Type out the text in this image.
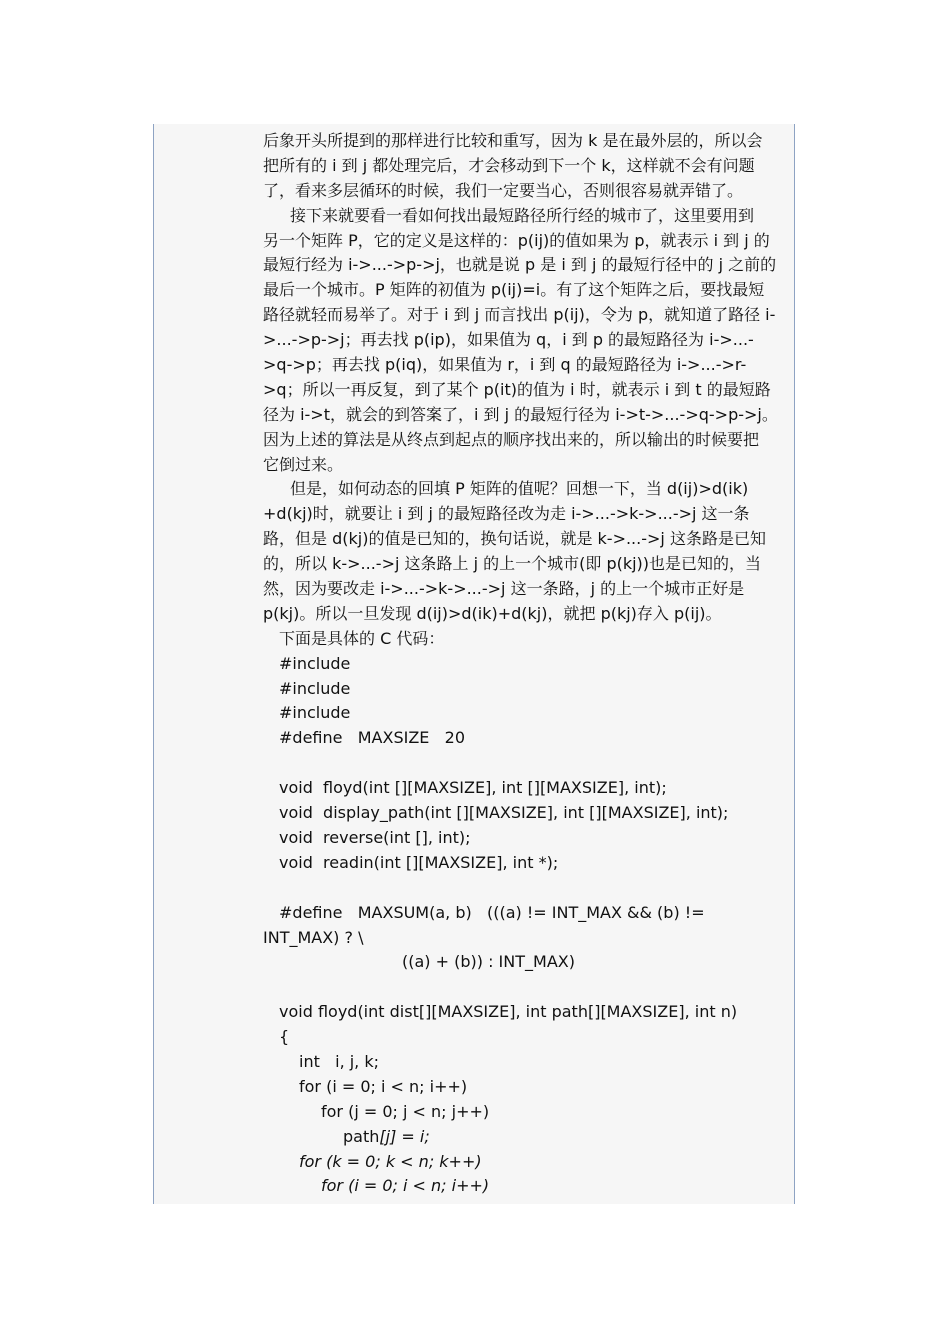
后象开头所提到的那样进行比较和重写，因为 k 是在最外层的，所以会
把所有的 i 到 j 都处理完后，才会移动到下一个 k，这样就不会有问题
了，看来多层循环的时候，我们一定要当心，否则很容易就弄错了。
接下来就要看一看如何找出最短路径所行经的城市了，这里要用到
另一个矩阵 P，它的定义是这样的：p(ij)的值如果为 p，就表示 i 到 j 的
最短行经为 i->...->p->j，也就是说 p 是 i 到 j 的最短行径中的 j 之前的
最后一个城市。P 矩阵的初值为 p(ij)=i。有了这个矩阵之后，要找最短
路径就轻而易举了。对于 i 到 j 而言找出 p(ij)，令为 p，就知道了路径 i-
>...->p->j；再去找 p(ip)，如果值为 q，i 到 p 的最短路径为 i->...-
>q->p；再去找 p(iq)，如果值为 r，i 到 q 的最短路径为 i->...->r-
>q；所以一再反复，到了某个 p(it)的值为 i 时，就表示 i 到 t 的最短路
径为 i->t，就会的到答案了，i 到 j 的最短行径为 i->t->...->q->p->j。
因为上述的算法是从终点到起点的顺序找出来的，所以输出的时候要把
它倒过来。
但是，如何动态的回填 P 矩阵的值呢？回想一下，当 d(ij)>d(ik)
+d(kj)时，就要让 i 到 j 的最短路径改为走 i->...->k->...->j 这一条
路，但是 d(kj)的值是已知的，换句话说，就是 k->...->j 这条路是已知
的，所以 k->...->j 这条路上 j 的上一个城市(即 p(kj))也是已知的，当
然，因为要改走 i->...->k->...->j 这一条路，j 的上一个城市正好是
p(kj)。所以一旦发现 d(ij)>d(ik)+d(kj)，就把 p(kj)存入 p(ij)。
下面是具体的 C 代码：
#include
#include
#include
#define   MAXSIZE   20
void  floyd(int [][MAXSIZE], int [][MAXSIZE], int);
void  display_path(int [][MAXSIZE], int [][MAXSIZE], int);
void  reverse(int [], int);
void  readin(int [][MAXSIZE], int *);
#define   MAXSUM(a, b)   (((a) != INT_MAX && (b) !=
INT_MAX) ? \
((a) + (b)) : INT_MAX)
void floyd(int dist[][MAXSIZE], int path[][MAXSIZE], int n)
{
int   i, j, k;
for (i = 0; i < n; i++)
for (j = 0; j < n; j++)
path[j] = i;
for (k = 0; k < n; k++)
for (i = 0; i < n; i++)
